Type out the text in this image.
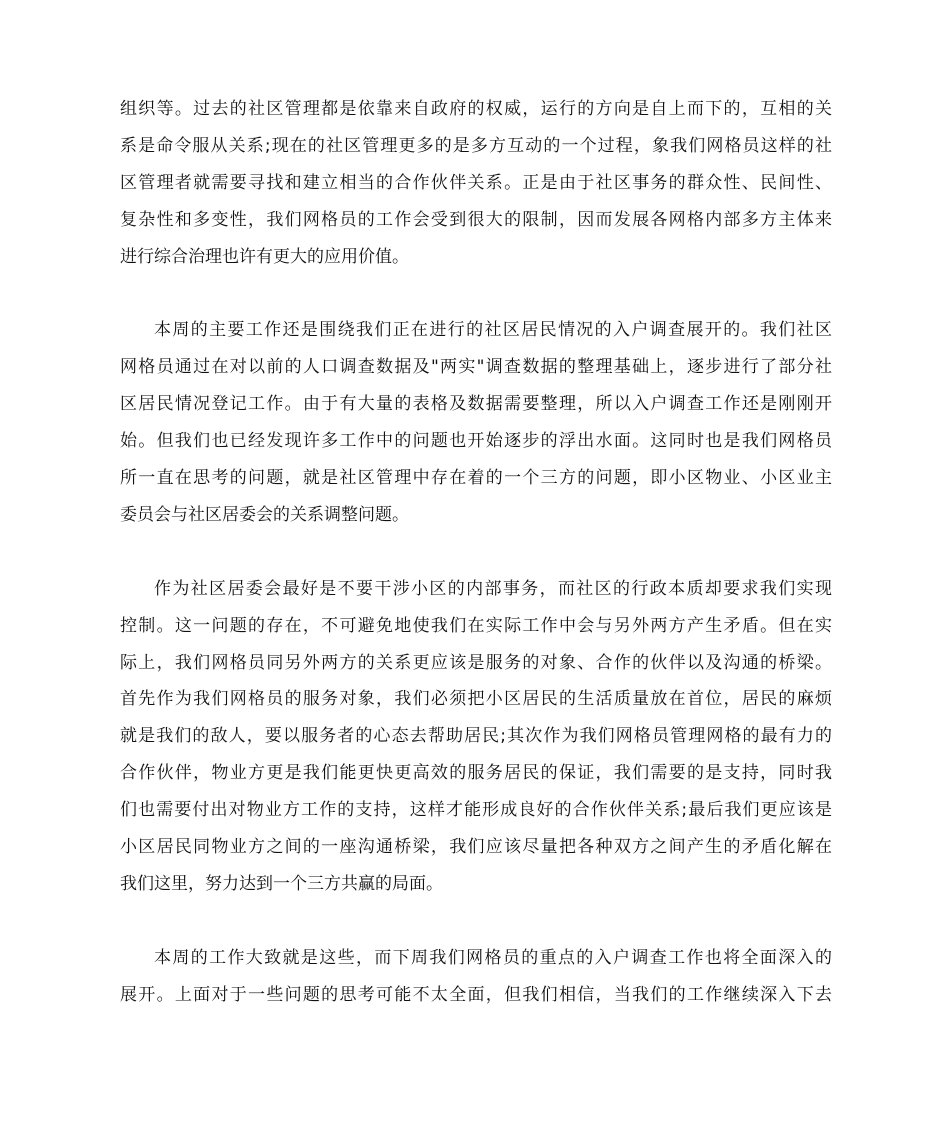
组织等。过去的社区管理都是依靠来自政府的权威，运行的方向是自上而下的，互相的关
系是命令服从关系;现在的社区管理更多的是多方互动的一个过程，象我们网格员这样的社
区管理者就需要寻找和建立相当的合作伙伴关系。正是由于社区事务的群众性、民间性、
复杂性和多变性，我们网格员的工作会受到很大的限制，因而发展各网格内部多方主体来
进行综合治理也许有更大的应用价值。

本周的主要工作还是围绕我们正在进行的社区居民情况的入户调查展开的。我们社区
网格员通过在对以前的人口调查数据及"两实"调查数据的整理基础上，逐步进行了部分社
区居民情况登记工作。由于有大量的表格及数据需要整理，所以入户调查工作还是刚刚开
始。但我们也已经发现许多工作中的问题也开始逐步的浮出水面。这同时也是我们网格员
所一直在思考的问题，就是社区管理中存在着的一个三方的问题，即小区物业、小区业主
委员会与社区居委会的关系调整问题。

作为社区居委会最好是不要干涉小区的内部事务，而社区的行政本质却要求我们实现
控制。这一问题的存在，不可避免地使我们在实际工作中会与另外两方产生矛盾。但在实
际上，我们网格员同另外两方的关系更应该是服务的对象、合作的伙伴以及沟通的桥梁。
首先作为我们网格员的服务对象，我们必须把小区居民的生活质量放在首位，居民的麻烦
就是我们的敌人，要以服务者的心态去帮助居民;其次作为我们网格员管理网格的最有力的
合作伙伴，物业方更是我们能更快更高效的服务居民的保证，我们需要的是支持，同时我
们也需要付出对物业方工作的支持，这样才能形成良好的合作伙伴关系;最后我们更应该是
小区居民同物业方之间的一座沟通桥梁，我们应该尽量把各种双方之间产生的矛盾化解在
我们这里，努力达到一个三方共赢的局面。

本周的工作大致就是这些，而下周我们网格员的重点的入户调查工作也将全面深入的
展开。上面对于一些问题的思考可能不太全面，但我们相信，当我们的工作继续深入下去
